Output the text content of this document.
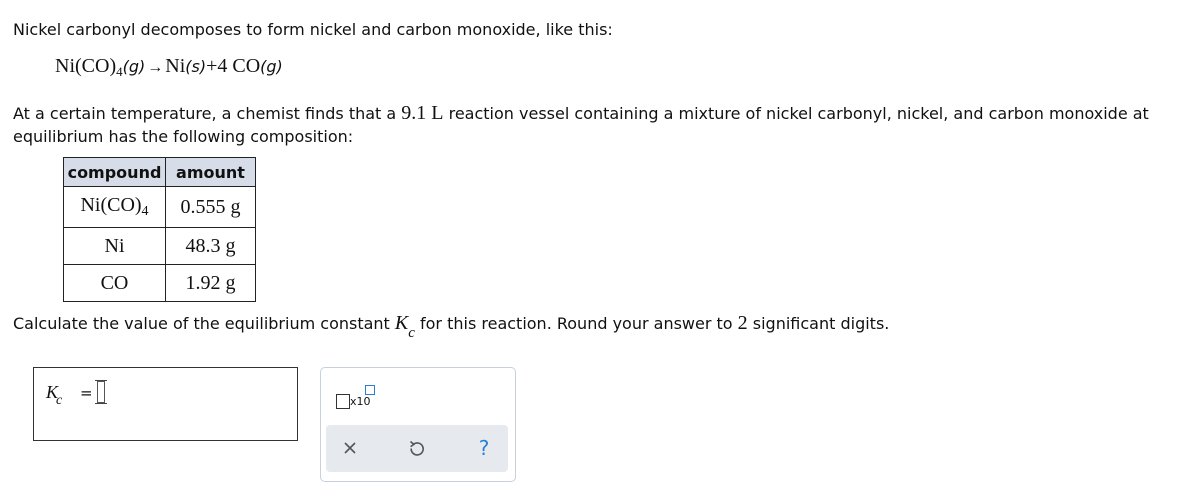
Nickel carbonyl decomposes to form nickel and carbon monoxide, like this:
$Ni(CO)_4(g) \to Ni(s)+4$ CO(g)
At a certain temperature, a chemist finds that a 9.1 L reaction vessel containing a mixture of nickel carbonyl, nickel, and carbon monoxide at equilibrium has the following composition:
compound	amount
$Ni(CO)_4$	0.555 g
Ni	48.3 g
CO	1.92 g
Calculate the value of the equilibrium constant Kc for this reaction. Round your answer to 2 significant digits.
$K_c$ =	x10
?
